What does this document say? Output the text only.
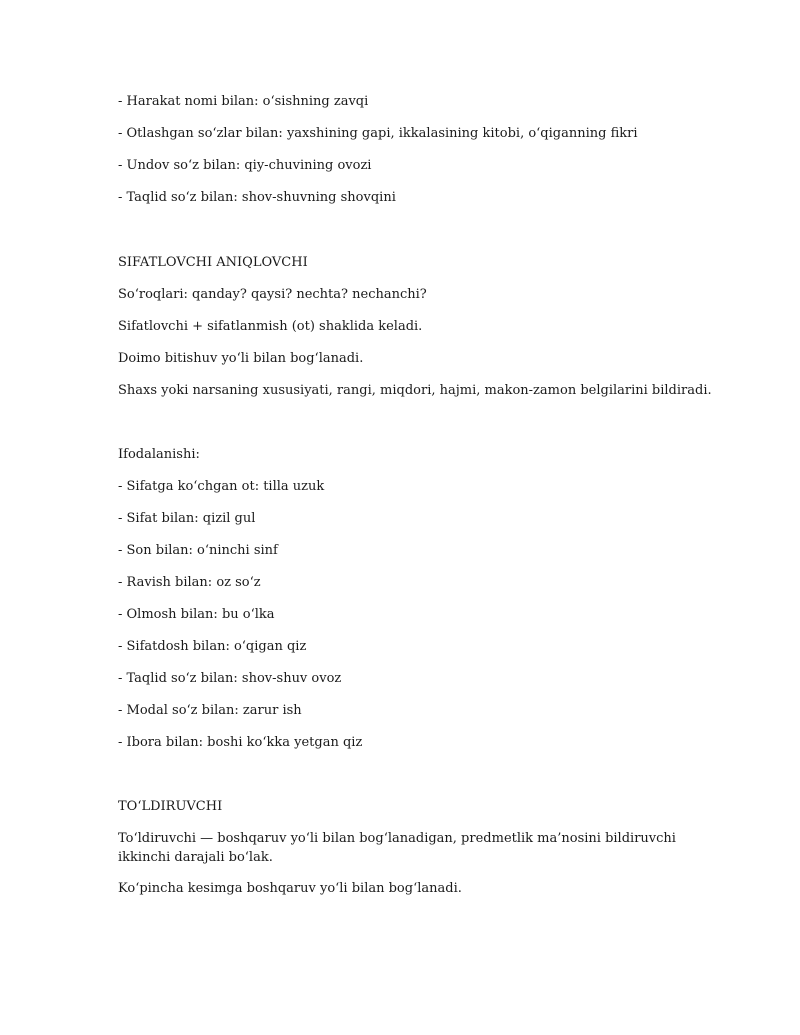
- Harakat nomi bilan: o‘sishning zavqi
- Otlashgan so‘zlar bilan: yaxshining gapi, ikkalasining kitobi, o‘qiganning fikri
- Undov so‘z bilan: qiy-chuvining ovozi
- Taqlid so‘z bilan: shov-shuvning shovqini
SIFATLOVCHI ANIQLOVCHI
So‘roqlari: qanday? qaysi? nechta? nechanchi?
Sifatlovchi + sifatlanmish (ot) shaklida keladi.
Doimo bitishuv yo‘li bilan bog‘lanadi.
Shaxs yoki narsaning xususiyati, rangi, miqdori, hajmi, makon-zamon belgilarini bildiradi.
Ifodalanishi:
- Sifatga ko‘chgan ot: tilla uzuk
- Sifat bilan: qizil gul
- Son bilan: o‘ninchi sinf
- Ravish bilan: oz so‘z
- Olmosh bilan: bu o‘lka
- Sifatdosh bilan: o‘qigan qiz
- Taqlid so‘z bilan: shov-shuv ovoz
- Modal so‘z bilan: zarur ish
- Ibora bilan: boshi ko‘kka yetgan qiz
TO‘LDIRUVCHI
To‘ldiruvchi — boshqaruv yo‘li bilan bog‘lanadigan, predmetlik ma’nosini bildiruvchi ikkinchi darajali bo‘lak.
Ko‘pincha kesimga boshqaruv yo‘li bilan bog‘lanadi.
